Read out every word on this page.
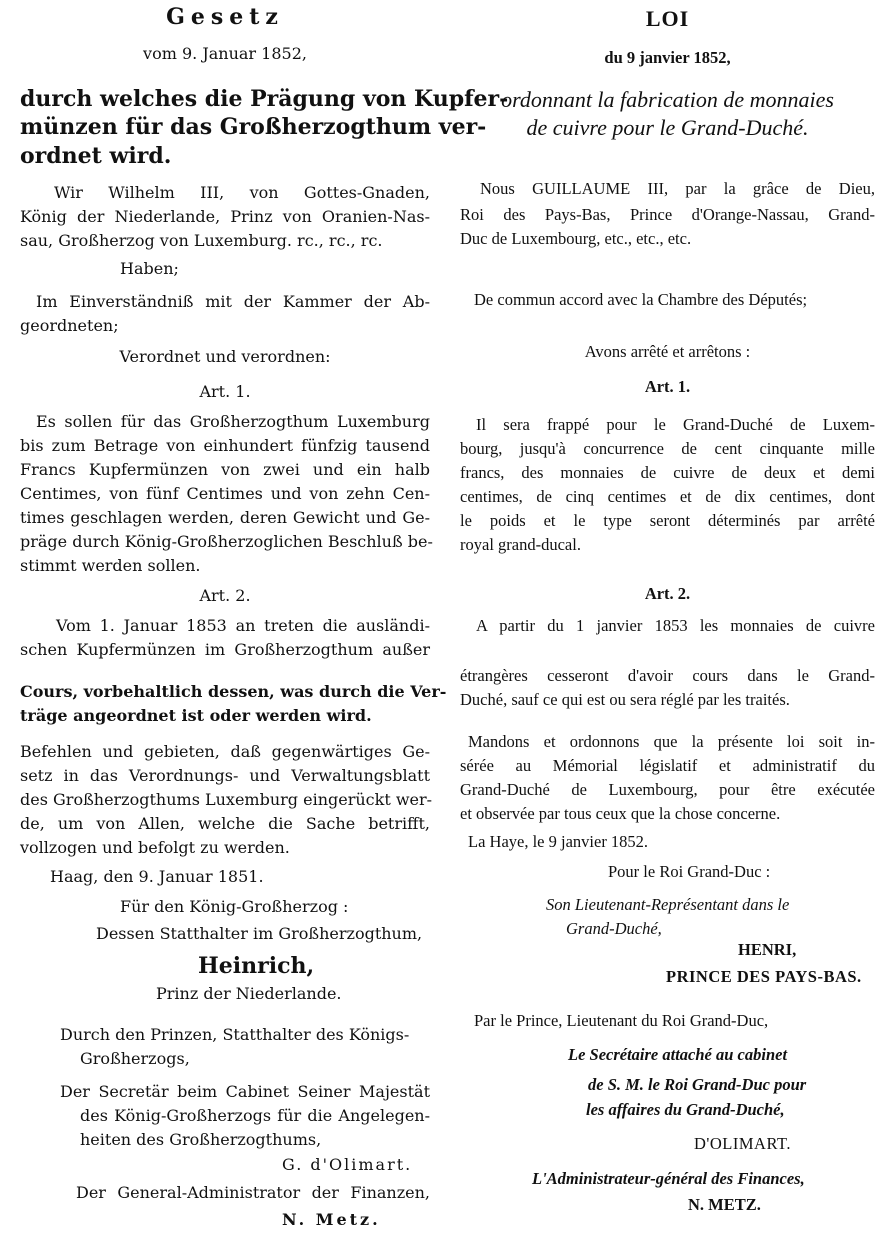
Gesetz
vom 9. Januar 1852,
durch welches die Prägung von Kupfer-
münzen für das Großherzogthum ver-
ordnet wird.
Wir Wilhelm III, von Gottes-Gnaden,
König der Niederlande, Prinz von Oranien-Nas-
sau, Großherzog von Luxemburg. rc., rc., rc.
Haben;
Im Einverständniß mit der Kammer der Ab-
geordneten;
Verordnet und verordnen:
Art. 1.
Es sollen für das Großherzogthum Luxemburg
bis zum Betrage von einhundert fünfzig tausend
Francs Kupfermünzen von zwei und ein halb
Centimes, von fünf Centimes und von zehn Cen-
times geschlagen werden, deren Gewicht und Ge-
präge durch König-Großherzoglichen Beschluß be-
stimmt werden sollen.
Art. 2.
Vom 1. Januar 1853 an treten die ausländi-
schen Kupfermünzen im Großherzogthum außer
Cours, vorbehaltlich dessen, was durch die Ver-
träge angeordnet ist oder werden wird.
Befehlen und gebieten, daß gegenwärtiges Ge-
setz in das Verordnungs- und Verwaltungsblatt
des Großherzogthums Luxemburg eingerückt wer-
de, um von Allen, welche die Sache betrifft,
vollzogen und befolgt zu werden.
Haag, den 9. Januar 1851.
Für den König-Großherzog :
Dessen Statthalter im Großherzogthum,
Heinrich,
Prinz der Niederlande.
Durch den Prinzen, Statthalter des Königs-
Großherzogs,
Der Secretär beim Cabinet Seiner Majestät
des König-Großherzogs für die Angelegen-
heiten des Großherzogthums,
G. d'Olimart.
Der General-Administrator der Finanzen,
N. Metz.
LOI
du 9 janvier 1852,
ordonnant la fabrication de monnaies
de cuivre pour le Grand-Duché.
Nous GUILLAUME III, par la grâce de Dieu,
Roi des Pays-Bas, Prince d'Orange-Nassau, Grand-
Duc de Luxembourg, etc., etc., etc.
De commun accord avec la Chambre des Députés;
Avons arrêté et arrêtons :
Art. 1.
Il sera frappé pour le Grand-Duché de Luxem-
bourg, jusqu'à concurrence de cent cinquante mille
francs, des monnaies de cuivre de deux et demi
centimes, de cinq centimes et de dix centimes, dont
le poids et le type seront déterminés par arrêté
royal grand-ducal.
Art. 2.
A partir du 1 janvier 1853 les monnaies de cuivre
étrangères cesseront d'avoir cours dans le Grand-
Duché, sauf ce qui est ou sera réglé par les traités.
Mandons et ordonnons que la présente loi soit in-
sérée au Mémorial législatif et administratif du
Grand-Duché de Luxembourg, pour être exécutée
et observée par tous ceux que la chose concerne.
La Haye, le 9 janvier 1852.
Pour le Roi Grand-Duc :
Son Lieutenant-Représentant dans le
Grand-Duché,
HENRI,
PRINCE DES PAYS-BAS.
Par le Prince, Lieutenant du Roi Grand-Duc,
Le Secrétaire attaché au cabinet
de S. M. le Roi Grand-Duc pour
les affaires du Grand-Duché,
D'OLIMART.
L'Administrateur-général des Finances,
N. METZ.
